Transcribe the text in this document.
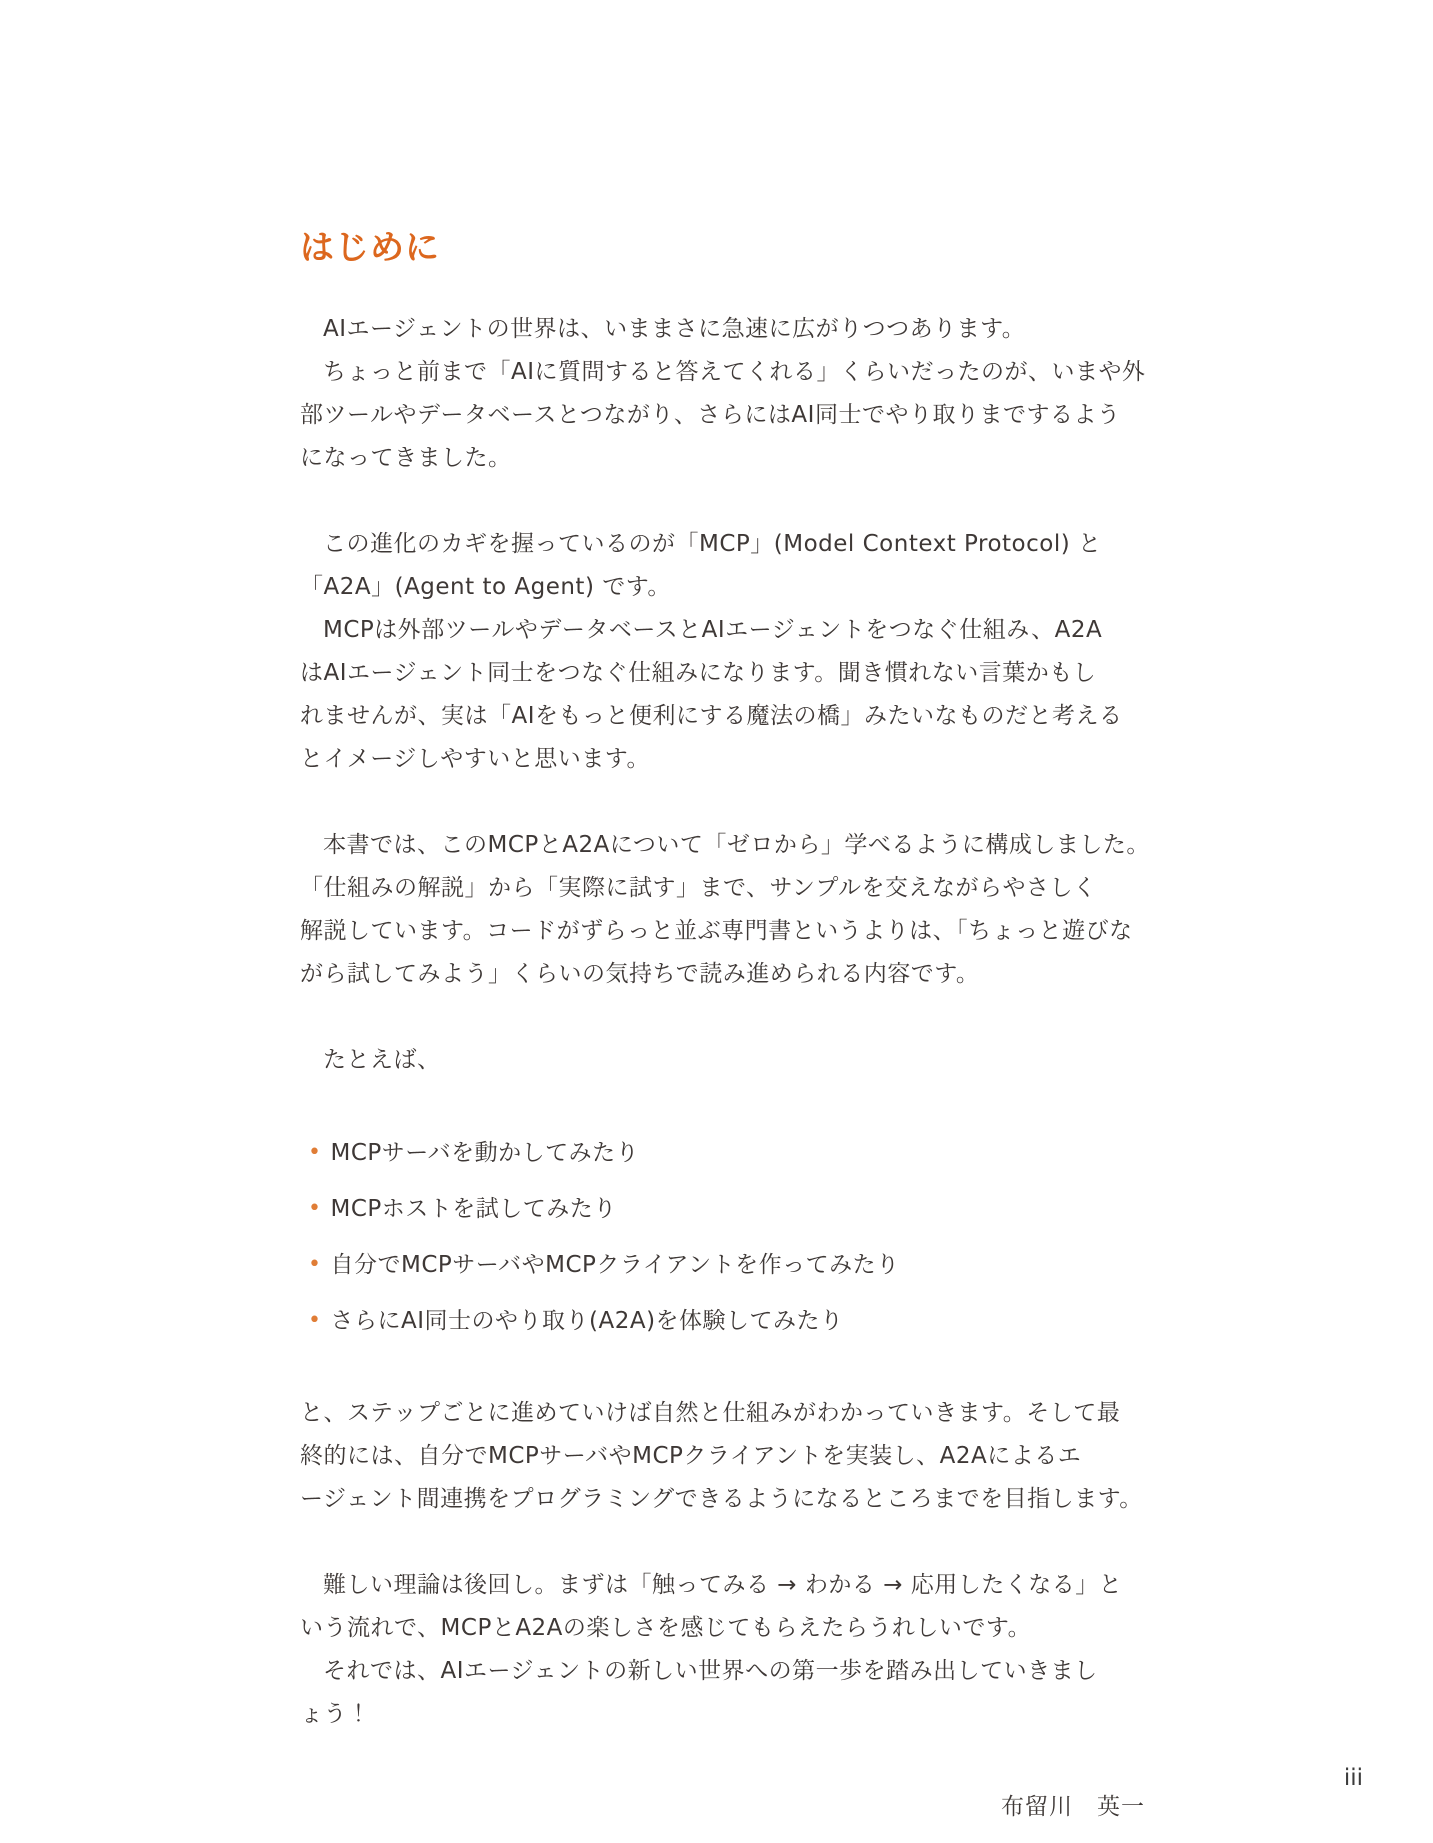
はじめに

AIエージェントの世界は、いままさに急速に広がりつつあります。

ちょっと前まで「AIに質問すると答えてくれる」くらいだったのが、いまや外
部ツールやデータベースとつながり、さらにはAI同士でやり取りまでするよう
になってきました。

この進化のカギを握っているのが「MCP」(Model Context Protocol) と
「A2A」(Agent to Agent) です。

MCPは外部ツールやデータベースとAIエージェントをつなぐ仕組み、A2A
はAIエージェント同士をつなぐ仕組みになります。聞き慣れない言葉かもし
れませんが、実は「AIをもっと便利にする魔法の橋」みたいなものだと考える
とイメージしやすいと思います。

本書では、このMCPとA2Aについて「ゼロから」学べるように構成しました。
「仕組みの解説」から「実際に試す」まで、サンプルを交えながらやさしく
解説しています。コードがずらっと並ぶ専門書というよりは、「ちょっと遊びな
がら試してみよう」くらいの気持ちで読み進められる内容です。

たとえば、

• MCPサーバを動かしてみたり
• MCPホストを試してみたり
• 自分でMCPサーバやMCPクライアントを作ってみたり
• さらにAI同士のやり取り(A2A)を体験してみたり

と、ステップごとに進めていけば自然と仕組みがわかっていきます。そして最
終的には、自分でMCPサーバやMCPクライアントを実装し、A2Aによるエ
ージェント間連携をプログラミングできるようになるところまでを目指します。

難しい理論は後回し。まずは「触ってみる → わかる → 応用したくなる」と
いう流れで、MCPとA2Aの楽しさを感じてもらえたらうれしいです。

それでは、AIエージェントの新しい世界への第一歩を踏み出していきまし
ょう！

布留川　英一
iii
